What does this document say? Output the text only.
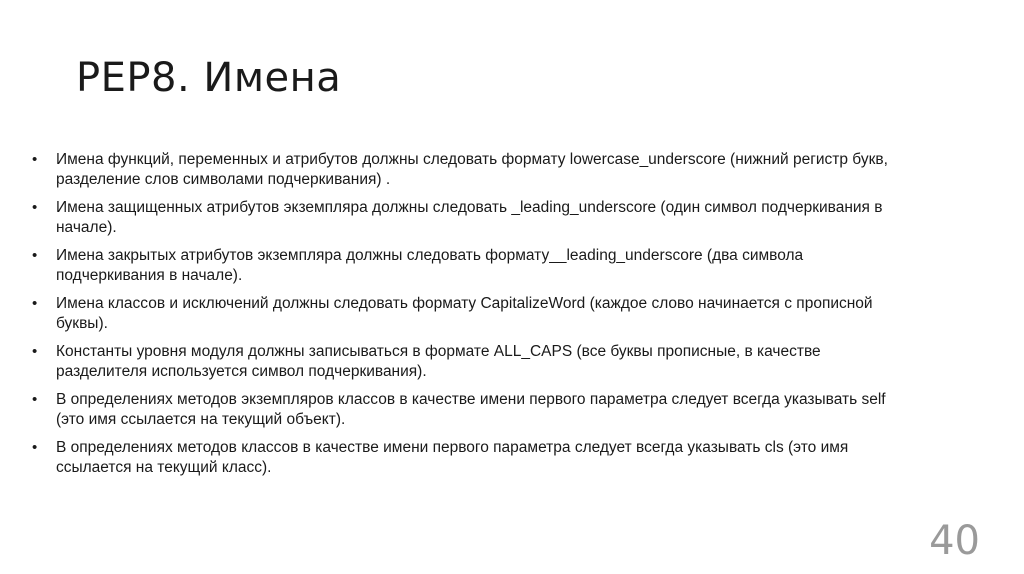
PEP8. Имена
• Имена функций, переменных и атрибутов должны следовать формату lowercase_underscore (нижний регистр букв, разделение слов символами подчеркивания) .
• Имена защищенных атрибутов экземпляра должны следовать _leading_underscore (один символ подчеркивания в начале).
• Имена закрытых атрибутов экземпляра должны следовать формату__leading_underscore (два символа подчеркивания в начале).
• Имена классов и исключений должны следовать формату CapitalizeWord (каждое слово начинается с прописной буквы).
• Константы уровня модуля должны записываться в формате ALL_CAPS (все буквы прописные, в качестве разделителя используется символ подчеркивания).
• В определениях методов экземпляров классов в качестве имени первого параметра следует всегда указывать self (это имя ссылается на текущий объект).
• В определениях методов классов в качестве имени первого параметра следует всегда указывать cls (это имя ссылается на текущий класс).
40
